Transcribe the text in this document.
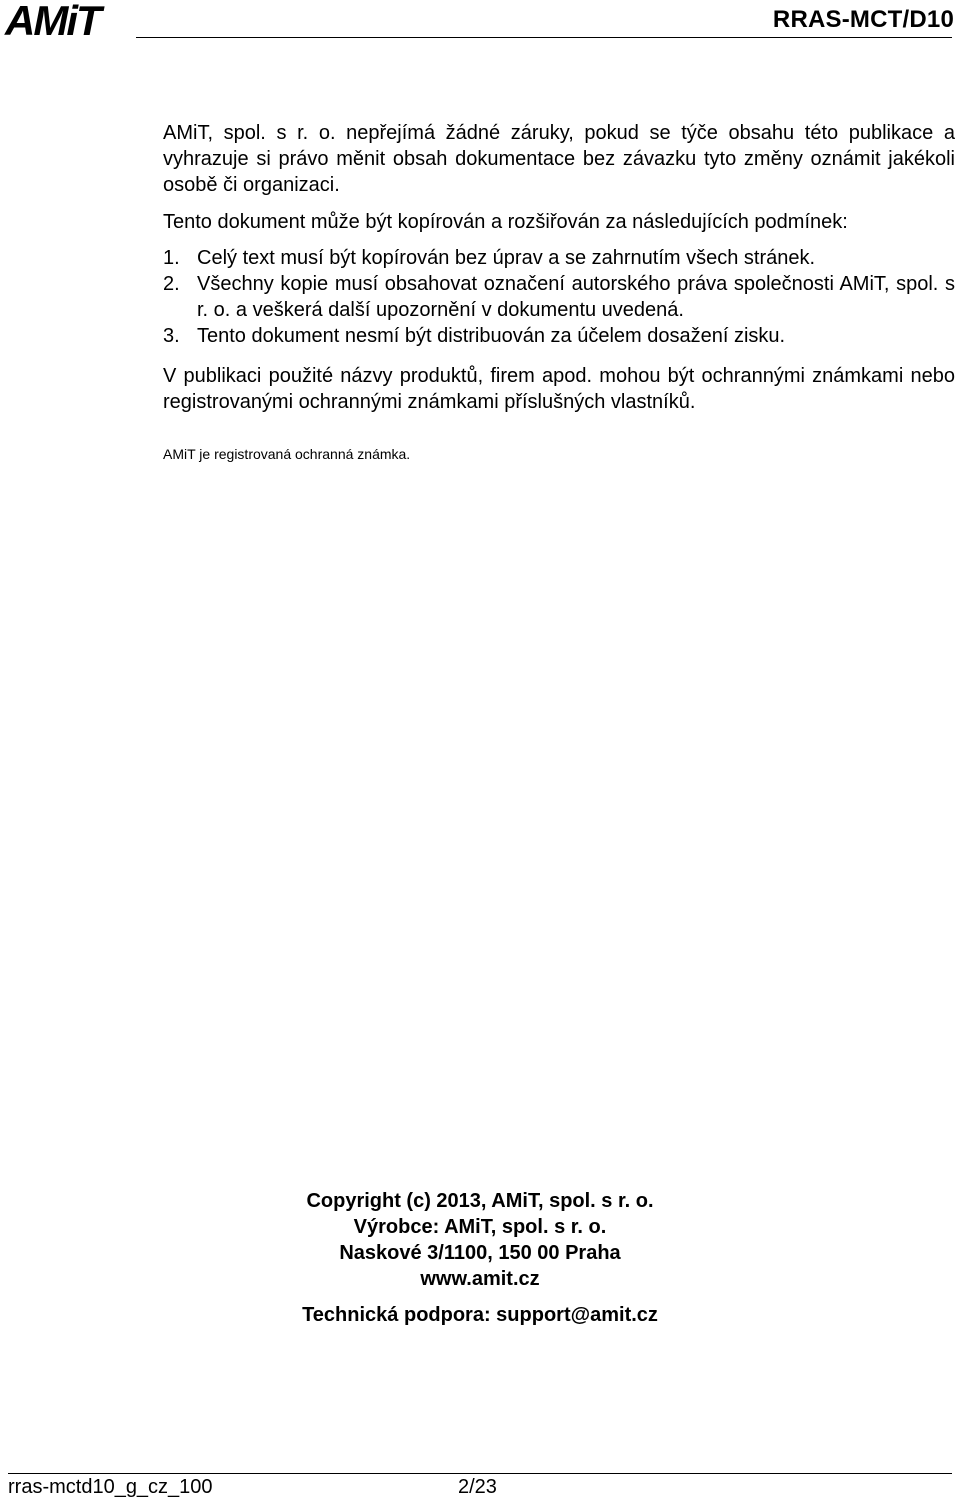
AMiT	RRAS-MCT/D10

AMiT, spol. s r. o. nepřejímá žádné záruky, pokud se týče obsahu této publikace a vyhrazuje si právo měnit obsah dokumentace bez závazku tyto změny oznámit jakékoli osobě či organizaci.

Tento dokument může být kopírován a rozšiřován za následujících podmínek:

1. Celý text musí být kopírován bez úprav a se zahrnutím všech stránek.
2. Všechny kopie musí obsahovat označení autorského práva společnosti AMiT, spol. s r. o. a veškerá další upozornění v dokumentu uvedená.
3. Tento dokument nesmí být distribuován za účelem dosažení zisku.

V publikaci použité názvy produktů, firem apod. mohou být ochrannými známkami nebo registrovanými ochrannými známkami příslušných vlastníků.

AMiT je registrovaná ochranná známka.

Copyright (c) 2013, AMiT, spol. s r. o.

Výrobce: AMiT, spol. s r. o.

Naskové 3/1100, 150 00 Praha

www.amit.cz

Technická podpora: support@amit.cz

rras-mctd10_g_cz_100	2/23
